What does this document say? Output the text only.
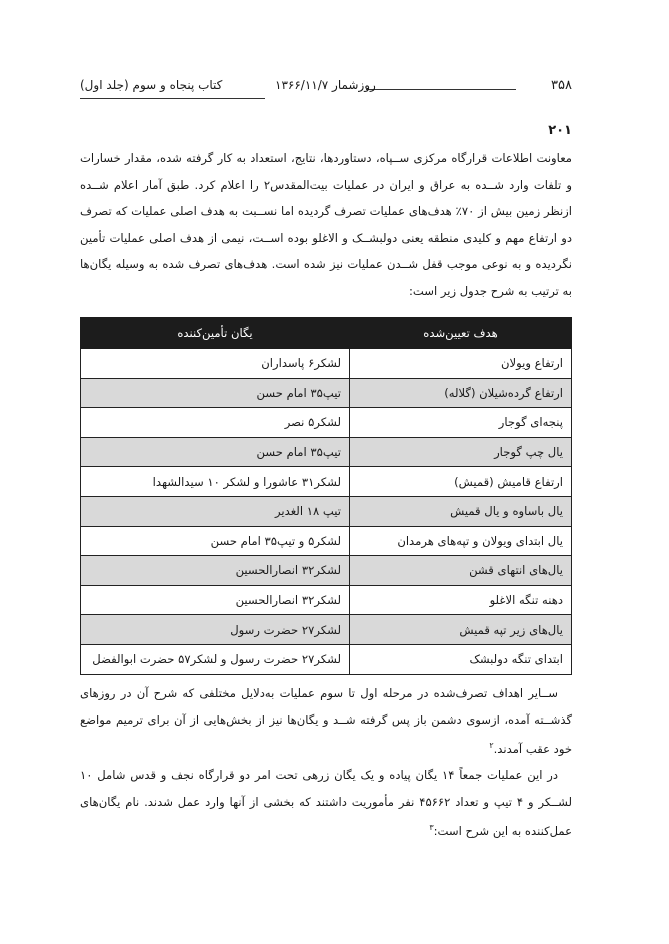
۳۵۸
روزشمار ۱۳۶۶/۱۱/۷
کتاب پنجاه و سوم (جلد اول)
۲۰۱

معاونت اطلاعات قرارگاه مرکزی ســپاه، دستاوردها، نتایج، استعداد به کار گرفته شده، مقدار خسارات و تلفات وارد شــده به عراق و ایران در عملیات بیت‌المقدس۲ را اعلام کرد. طبق آمار اعلام شــده ازنظر زمین بیش از ۷۰٪ هدف‌های عملیات تصرف گردیده اما نســبت به هدف اصلی عملیات که تصرف دو ارتفاع مهم و کلیدی منطقه یعنی دولبشــک و الاغلو بوده اســت، نیمی از هدف اصلی عملیات تأمین نگردیده و به نوعی موجب قفل شــدن عملیات نیز شده است. هدف‌های تصرف شده به وسیله یگان‌ها به ترتیب به شرح جدول زیر است:

هدف تعیین‌شده	یگان تأمین‌کننده
ارتفاع ویولان	لشکر۶ پاسداران
ارتفاع گرده‌شیلان (گلاله)	تیپ۳۵ امام حسن
پنجه‌ای گوجار	لشکر۵ نصر
یال چپ گوجار	تیپ۳۵ امام حسن
ارتفاع قامیش (قمیش)	لشکر۳۱ عاشورا و لشکر ۱۰ سیدالشهدا
یال باساوه و یال قمیش	تیپ ۱۸ الغدیر
یال ابتدای ویولان و تپه‌های هرمدان	لشکر۵ و تیپ۳۵ امام حسن
یال‌های انتهای قشن	لشکر۳۲ انصارالحسین
دهنه تنگه الاغلو	لشکر۳۲ انصارالحسین
یال‌های زیر تپه قمیش	لشکر۲۷ حضرت رسول
ابتدای تنگه دولبشک	لشکر۲۷ حضرت رسول و لشکر۵۷ حضرت ابوالفضل

ســایر اهداف تصرف‌شده در مرحله اول تا سوم عملیات به‌دلایل مختلفی که شرح آن در روزهای گذشــته آمده، ازسوی دشمن باز پس گرفته شــد و یگان‌ها نیز از بخش‌هایی از آن برای ترمیم مواضع خود عقب آمدند.$^۲$

در این عملیات جمعاً ۱۴ یگان پیاده و یک یگان زرهی تحت امر دو قرارگاه نجف و قدس شامل ۱۰ لشــکر و ۴ تیپ و تعداد ۴۵۶۶۲ نفر مأموریت داشتند که بخشی از آنها وارد عمل شدند. نام یگان‌های عمل‌کننده به این شرح است:$^۳$
